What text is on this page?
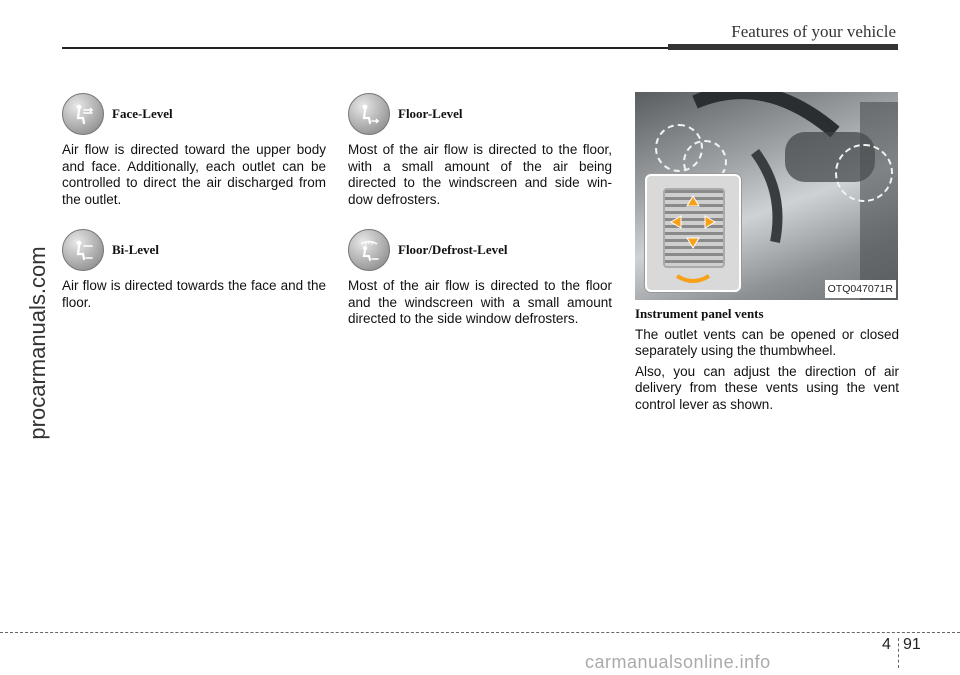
Features of your vehicle
procarmanuals.com
Face-Level

Air flow is directed toward the upper body and face. Additionally, each outlet can be controlled to direct the air discharged from the outlet.

Bi-Level

Air flow is directed towards the face and the floor.

Floor-Level

Most of the air flow is directed to the floor, with a small amount of the air being directed to the windscreen and side win-dow defrosters.

Floor/Defrost-Level

Most of the air flow is directed to the floor and the windscreen with a small amount directed to the side window defrosters.

OTQ047071R
Instrument panel vents

The outlet vents can be opened or closed separately using the thumbwheel.

Also, you can adjust the direction of air delivery from these vents using the vent control lever as shown.

4 91
carmanualsonline.info
